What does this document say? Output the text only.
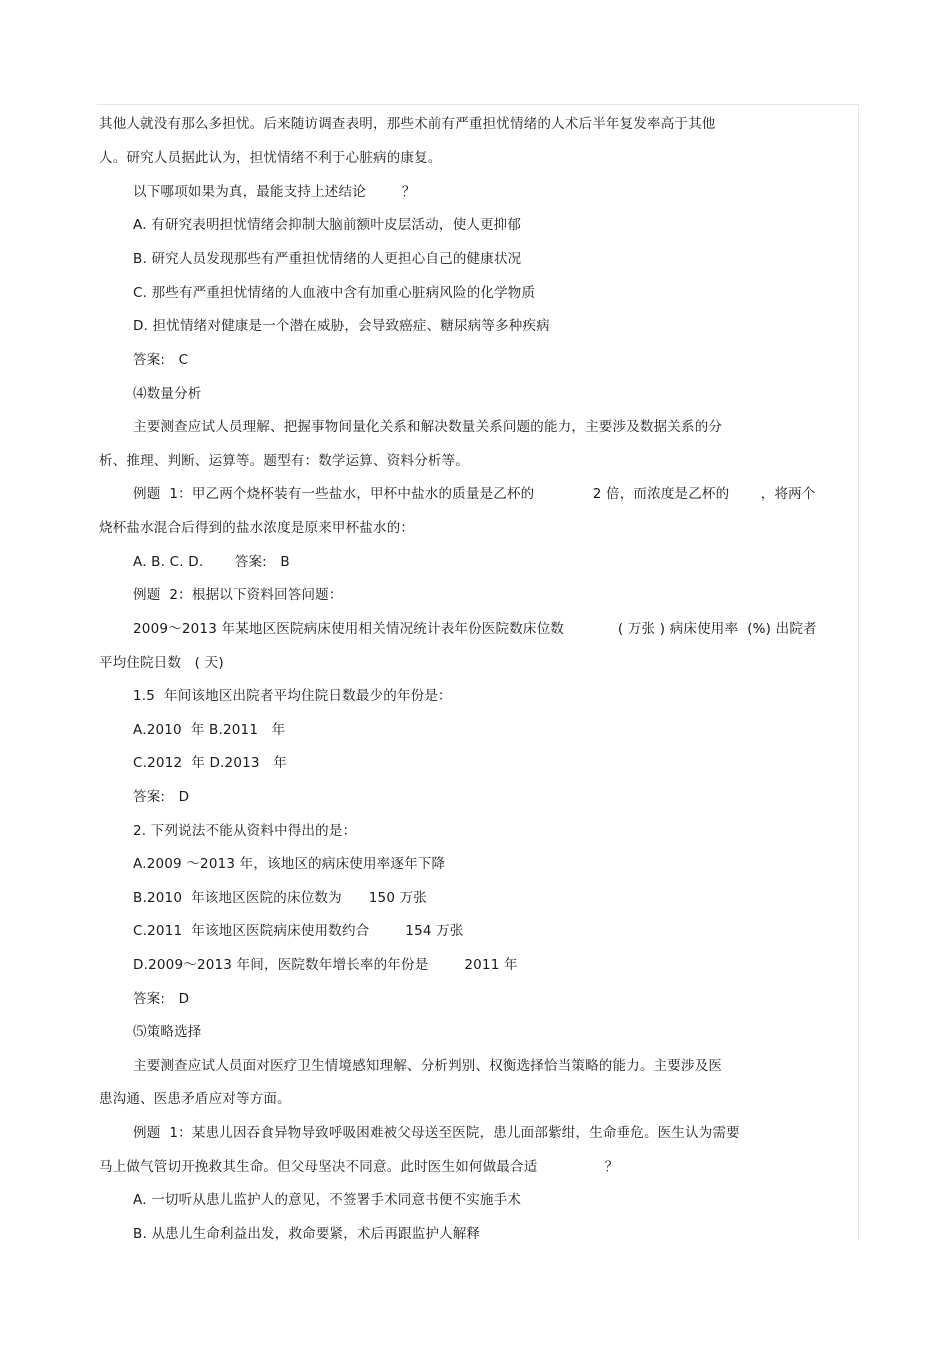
其他人就没有那么多担忧。后来随访调查表明，那些术前有严重担忧情绪的人术后半年复发率高于其他
人。研究人员据此认为，担忧情绪不利于心脏病的康复。
以下哪项如果为真，最能支持上述结论        ？
A. 有研究表明担忧情绪会抑制大脑前额叶皮层活动，使人更抑郁
B. 研究人员发现那些有严重担忧情绪的人更担心自己的健康状况
C. 那些有严重担忧情绪的人血液中含有加重心脏病风险的化学物质
D. 担忧情绪对健康是一个潜在威胁，会导致癌症、糖尿病等多种疾病
答案:   C
⑷数量分析
主要测查应试人员理解、把握事物间量化关系和解决数量关系问题的能力，主要涉及数据关系的分
析、推理、判断、运算等。题型有：数学运算、资料分析等。
例题  1：甲乙两个烧杯装有一些盐水，甲杯中盐水的质量是乙杯的             2 倍，而浓度是乙杯的       ，将两个
烧杯盐水混合后得到的盐水浓度是原来甲杯盐水的：
A. B. C. D.       答案:   B
例题  2：根据以下资料回答问题：
2009～2013 年某地区医院病床使用相关情况统计表年份医院数床位数            ( 万张 ) 病床使用率  (%) 出院者
平均住院日数   ( 天)
1.5  年间该地区出院者平均住院日数最少的年份是：
A.2010  年 B.2011   年
C.2012  年 D.2013   年
答案:   D
2. 下列说法不能从资料中得出的是：
A.2009 ～2013 年，该地区的病床使用率逐年下降
B.2010  年该地区医院的床位数为      150 万张
C.2011  年该地区医院病床使用数约合        154 万张
D.2009～2013 年间，医院数年增长率的年份是        2011 年
答案:   D
⑸策略选择
主要测查应试人员面对医疗卫生情境感知理解、分析判别、权衡选择恰当策略的能力。主要涉及医
患沟通、医患矛盾应对等方面。
例题  1：某患儿因吞食异物导致呼吸困难被父母送至医院，患儿面部紫绀，生命垂危。医生认为需要
马上做气管切开挽救其生命。但父母坚决不同意。此时医生如何做最合适               ？
A. 一切听从患儿监护人的意见，不签署手术同意书便不实施手术
B. 从患儿生命利益出发，救命要紧，术后再跟监护人解释
